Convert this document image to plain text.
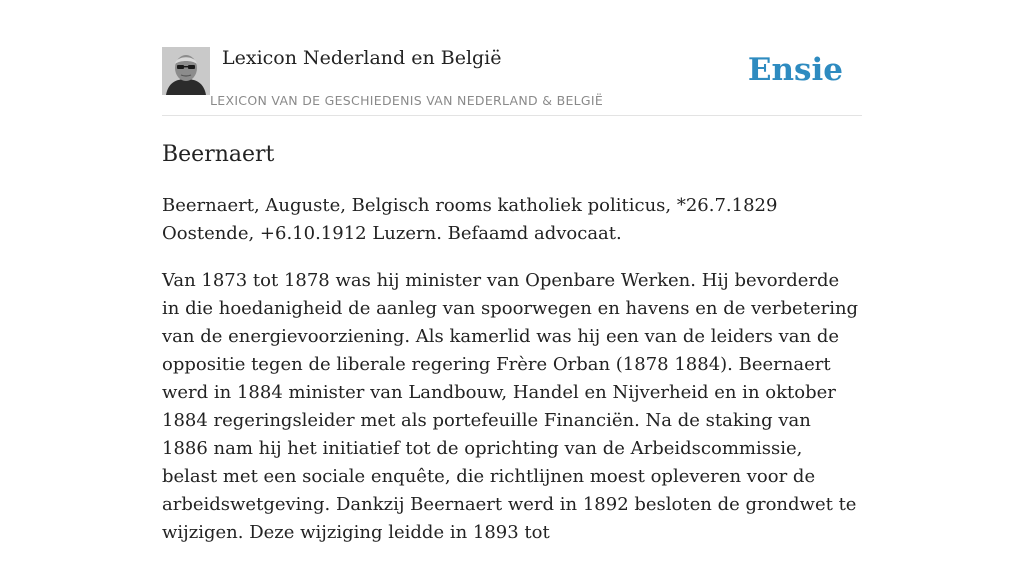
Lexicon Nederland en België
LEXICON VAN DE GESCHIEDENIS VAN NEDERLAND & BELGIË
Ensie
Beernaert

Beernaert, Auguste, Belgisch rooms katholiek politicus, *26.7.1829 Oostende, +6.10.1912 Luzern. Befaamd advocaat.

Van 1873 tot 1878 was hij minister van Openbare Werken. Hij bevorderde in die hoedanigheid de aanleg van spoorwegen en havens en de verbetering van de energievoorziening. Als kamerlid was hij een van de leiders van de oppositie tegen de liberale regering Frère Orban (1878 1884). Beernaert werd in 1884 minister van Landbouw, Handel en Nijverheid en in oktober 1884 regeringsleider met als portefeuille Financiën. Na de staking van 1886 nam hij het initiatief tot de oprichting van de Arbeidscommissie, belast met een sociale enquête, die richtlijnen moest opleveren voor de arbeidswetgeving. Dankzij Beernaert werd in 1892 besloten de grondwet te wijzigen. Deze wijziging leidde in 1893 tot
